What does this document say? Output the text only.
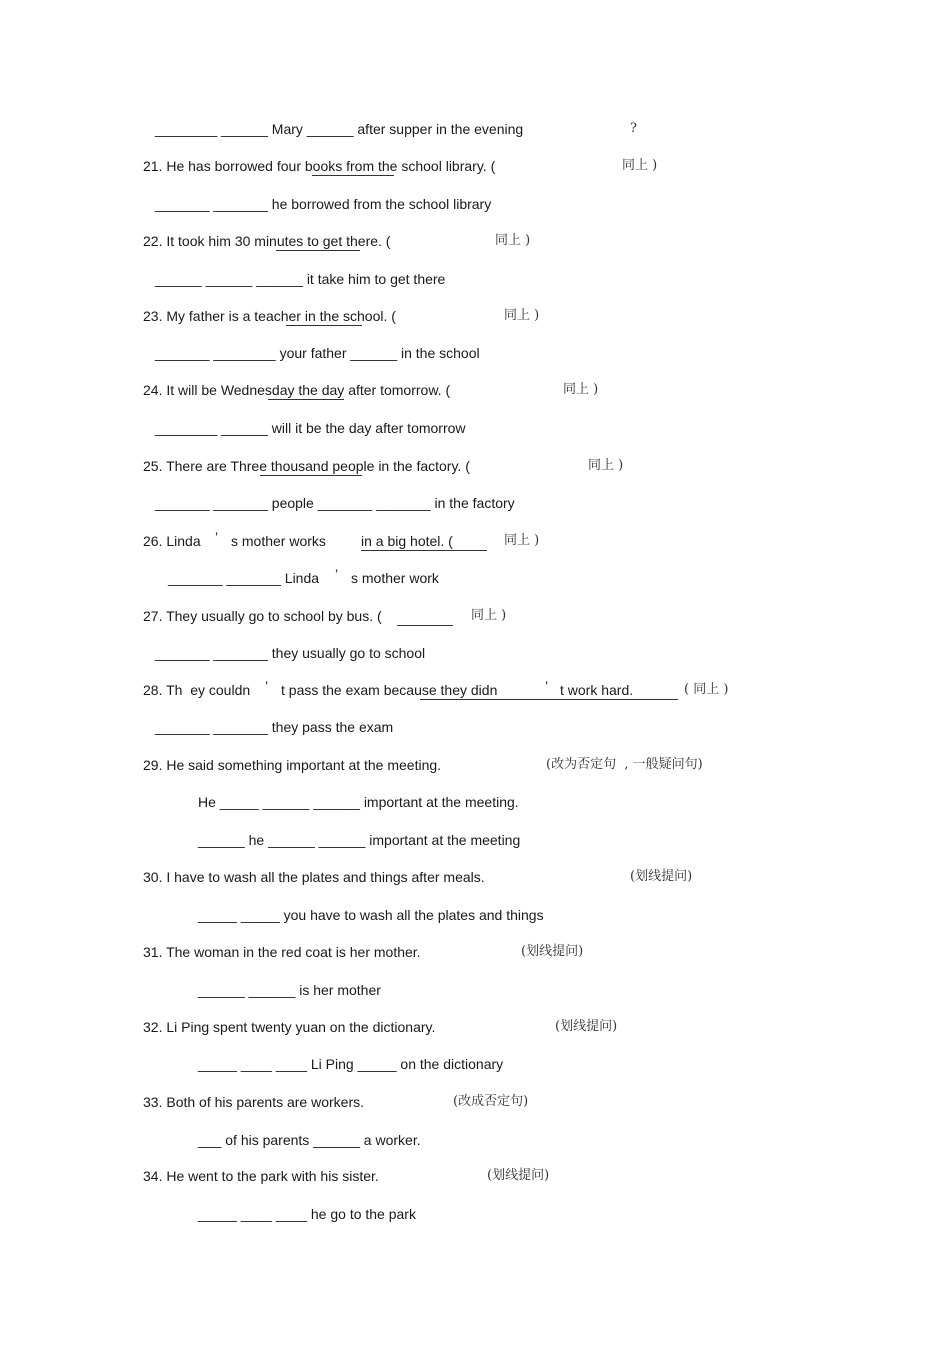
________ ______ Mary ______ after supper in the evening	?
21. He has borrowed four books from the school library. (	同上 )
_______ _______ he borrowed from the school library
22. It took him 30 minutes to get there. (	同上 )
______ ______ ______ it take him to get there
23. My father is a teacher in the school. (	同上 )
_______ ________ your father ______ in the school
24. It will be Wednesday the day after tomorrow. (	同上 )
________ ______ will it be the day after tomorrow
25. There are Three thousand people in the factory. (	同上 )
_______ _______ people _______ _______ in the factory
26. Linda ’ s mother works	in a big hotel. (	同上 )
_______ _______ Linda ’ s mother work
27. They usually go to school by bus. (	同上 )
_______ _______ they usually go to school
28. Th  ey couldn ’ t pass the exam because they didn	’ t work hard.	( 同上 )
_______ _______ they pass the exam
29. He said something important at the meeting.	(改为否定句  , 一般疑问句)
He _____ ______ ______ important at the meeting.
______ he ______ ______ important at the meeting
30. I have to wash all the plates and things after meals.	(划线提问)
_____ _____ you have to wash all the plates and things
31. The woman in the red coat is her mother.	(划线提问)
______ ______ is her mother
32. Li Ping spent twenty yuan on the dictionary.	(划线提问)
_____ ____ ____ Li Ping _____ on the dictionary
33. Both of his parents are workers.	(改成否定句)
___ of his parents ______ a worker.
34. He went to the park with his sister.	(划线提问)
_____ ____ ____ he go to the park
